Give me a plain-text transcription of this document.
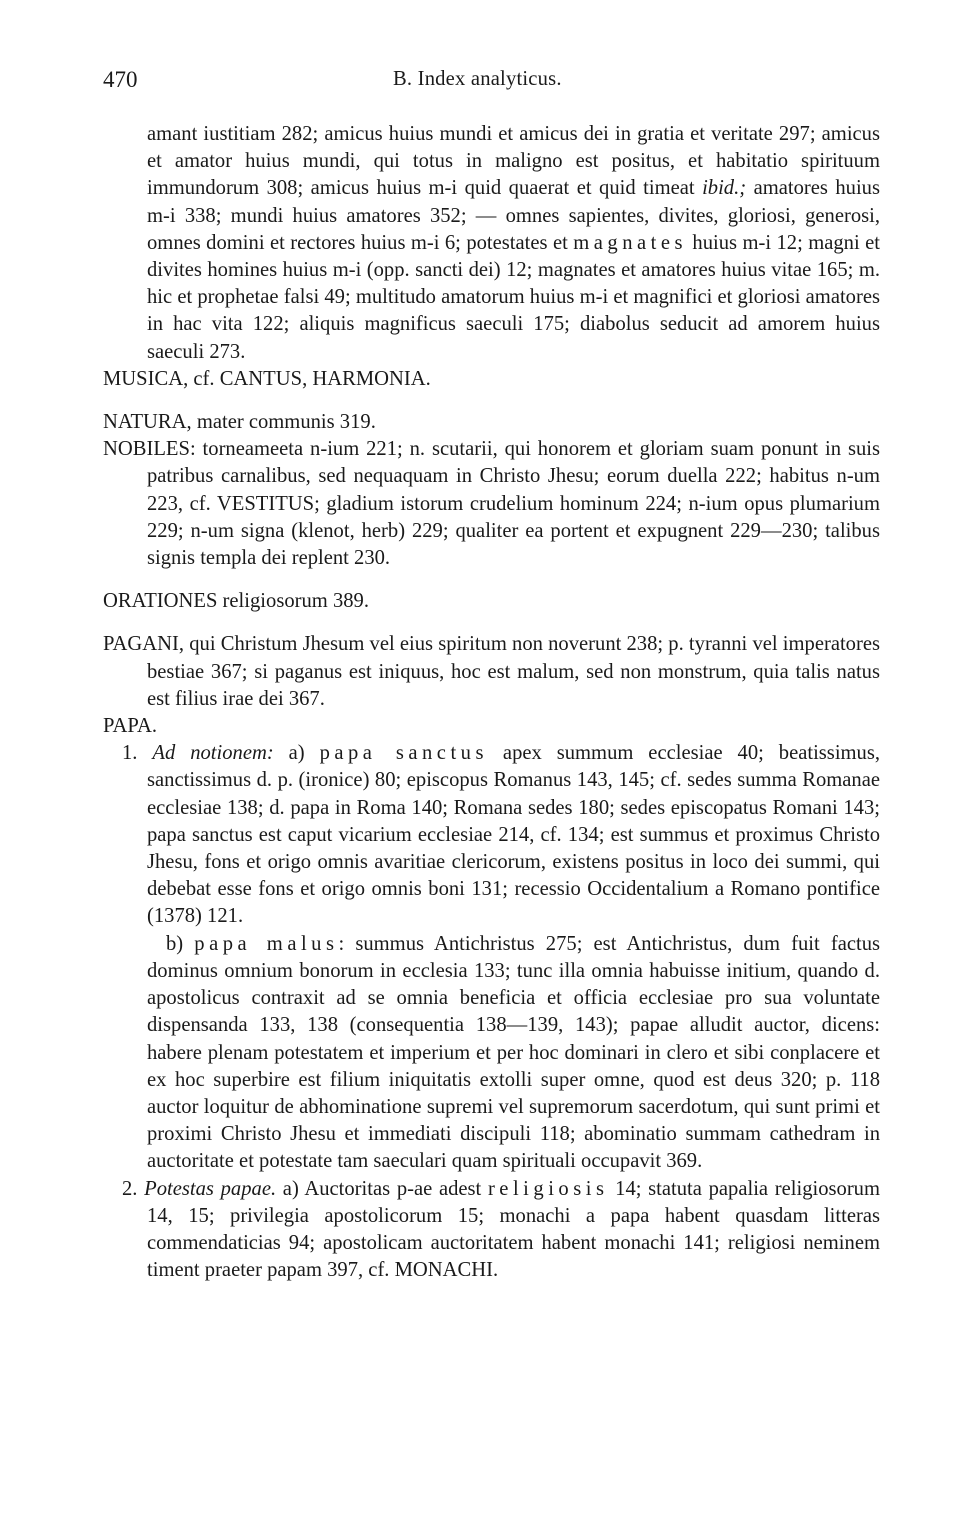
470	B. Index analyticus.
amant iustitiam 282; amicus huius mundi et amicus dei in gratia et veritate 297; amicus et amator huius mundi, qui totus in maligno est positus, et habitatio spirituum immundorum 308; amicus huius m-i quid quaerat et quid timeat ibid.; amatores huius m-i 338; mundi huius amatores 352; — omnes sapientes, divites, gloriosi, generosi, omnes domini et rectores huius m-i 6; potestates et magnates huius m-i 12; magni et divites homines huius m-i (opp. sancti dei) 12; magnates et amatores huius vitae 165; m. hic et prophetae falsi 49; multitudo amatorum huius m-i et magnifici et gloriosi amatores in hac vita 122; aliquis magnificus saeculi 175; diabolus seducit ad amorem huius saeculi 273.
MUSICA, cf. CANTUS, HARMONIA.
NATURA, mater communis 319.
NOBILES: torneameeta n-ium 221; n. scutarii, qui honorem et gloriam suam ponunt in suis patribus carnalibus, sed nequaquam in Christo Jhesu; eorum duella 222; habitus n-um 223, cf. VESTITUS; gladium istorum crudelium hominum 224; n-ium opus plumarium 229; n-um signa (klenot, herb) 229; qualiter ea portent et expugnent 229—230; talibus signis templa dei replent 230.
ORATIONES religiosorum 389.
PAGANI, qui Christum Jhesum vel eius spiritum non noverunt 238; p. tyranni vel imperatores bestiae 367; si paganus est iniquus, hoc est malum, sed non monstrum, quia talis natus est filius irae dei 367.
PAPA.
1. Ad notionem: a) papa sanctus apex summum ecclesiae 40; beatissimus, sanctissimus d. p. (ironice) 80; episcopus Romanus 143, 145; cf. sedes summa Romanae ecclesiae 138; d. papa in Roma 140; Romana sedes 180; sedes episcopatus Romani 143; papa sanctus est caput vicarium ecclesiae 214, cf. 134; est summus et proximus Christo Jhesu, fons et origo omnis avaritiae clericorum, existens positus in loco dei summi, qui debebat esse fons et origo omnis boni 131; recessio Occidentalium a Romano pontifice (1378) 121.
b) papa malus: summus Antichristus 275; est Antichristus, dum fuit factus dominus omnium bonorum in ecclesia 133; tunc illa omnia habuisse initium, quando d. apostolicus contraxit ad se omnia beneficia et officia ecclesiae pro sua voluntate dispensanda 133, 138 (consequentia 138—139, 143); papae alludit auctor, dicens: habere plenam potestatem et imperium et per hoc dominari in clero et sibi conplacere et ex hoc superbire est filium iniquitatis extolli super omne, quod est deus 320; p. 118 auctor loquitur de abhominatione supremi vel supremorum sacerdotum, qui sunt primi et proximi Christo Jhesu et immediati discipuli 118; abominatio summam cathedram in auctoritate et potestate tam saeculari quam spirituali occupavit 369.
2. Potestas papae. a) Auctoritas p-ae adest religiosis 14; statuta papalia religiosorum 14, 15; privilegia apostolicorum 15; monachi a papa habent quasdam litteras commendaticias 94; apostolicam auctoritatem habent monachi 141; religiosi neminem timent praeter papam 397, cf. MONACHI.
